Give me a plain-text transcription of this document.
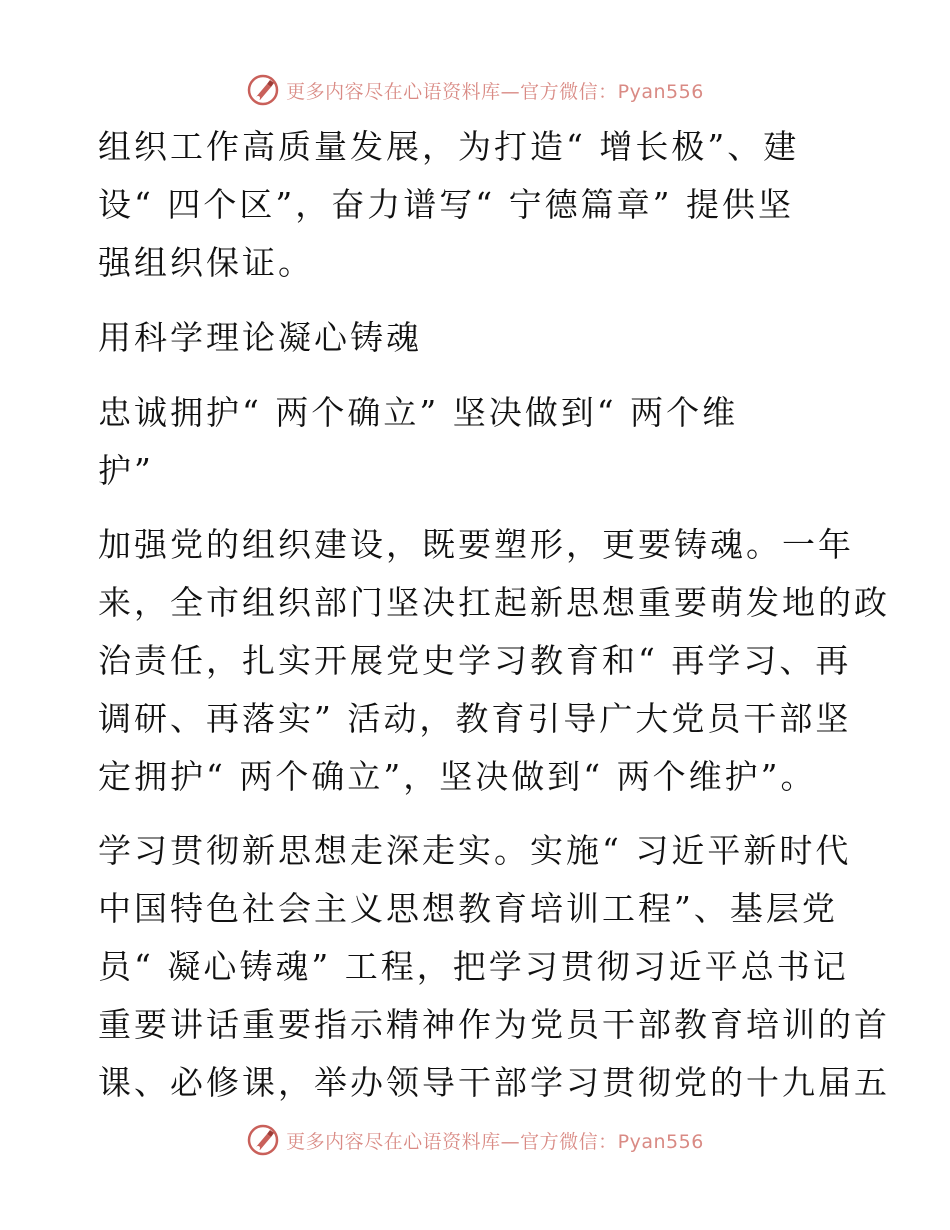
更多内容尽在心语资料库—官方微信：Pyan556
组织工作高质量发展，为打造“ 增长极”、建
设“ 四个区”，奋力谱写“ 宁德篇章” 提供坚
强组织保证。
用科学理论凝心铸魂
忠诚拥护“ 两个确立” 坚决做到“ 两个维
护”
加强党的组织建设，既要塑形，更要铸魂。一年
来，全市组织部门坚决扛起新思想重要萌发地的政
治责任，扎实开展党史学习教育和“ 再学习、再
调研、再落实” 活动，教育引导广大党员干部坚
定拥护“ 两个确立”，坚决做到“ 两个维护”。
学习贯彻新思想走深走实。实施“ 习近平新时代
中国特色社会主义思想教育培训工程”、基层党
员“ 凝心铸魂” 工程，把学习贯彻习近平总书记
重要讲话重要指示精神作为党员干部教育培训的首
课、必修课，举办领导干部学习贯彻党的十九届五
更多内容尽在心语资料库—官方微信：Pyan556
